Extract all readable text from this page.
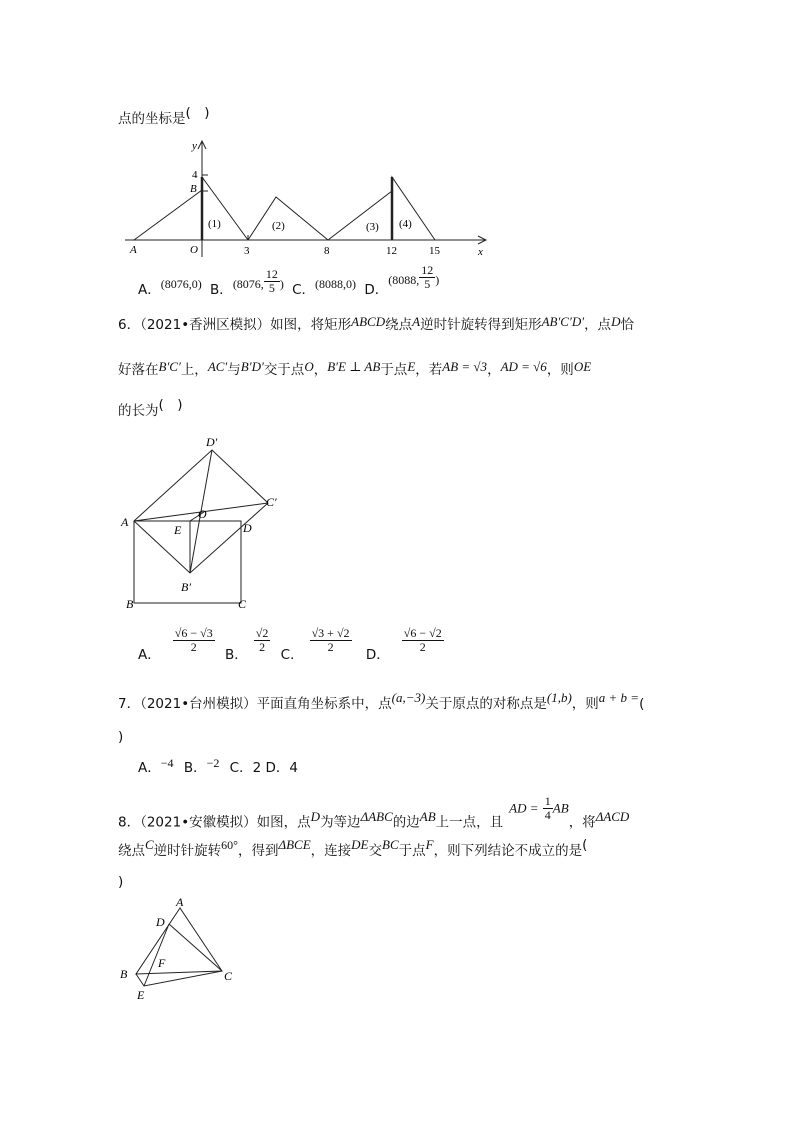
点的坐标是(　)
y
x
4
B
A	O	3	8	12	15
(1)	(2)	(3) (4)
A．(8076,0) B．(8076, $\frac{12}{5}$ ) C．(8088,0) D．(8088, $\frac{12}{5}$ )
6．（2021•香洲区模拟）如图，将矩形ABCD绕点A逆时针旋转得到矩形AB′C′D′，点D恰
好落在B′C′上，AC′与B′D′交于点O，B′E ⊥ AB于点E，若AB = √3，AD = √6，则OE
的长为(　)
D′
C′
A
O
E	D
B′
B	C
A．
$\frac{√6 - √3}{2}$
B．
$\frac{√2}{2}$
C．
$\frac{√3 + √2}{2}$
D．
$\frac{√6 - √2}{2}$
7．（2021•台州模拟）平面直角坐标系中，点(a,−3)关于原点的对称点是(1,b)，则a + b =(
)
A．−4 B．−2 C．2 D．4
8．（2021•安徽模拟）如图，点D为等边ΔABC的边AB上一点，且AD = $\frac{1}{4}$ AB，将ΔACD
绕点C逆时针旋转60°，得到ΔBCE，连接DE交BC于点F，则下列结论不成立的是(
)
A
D
F
B	C
E
